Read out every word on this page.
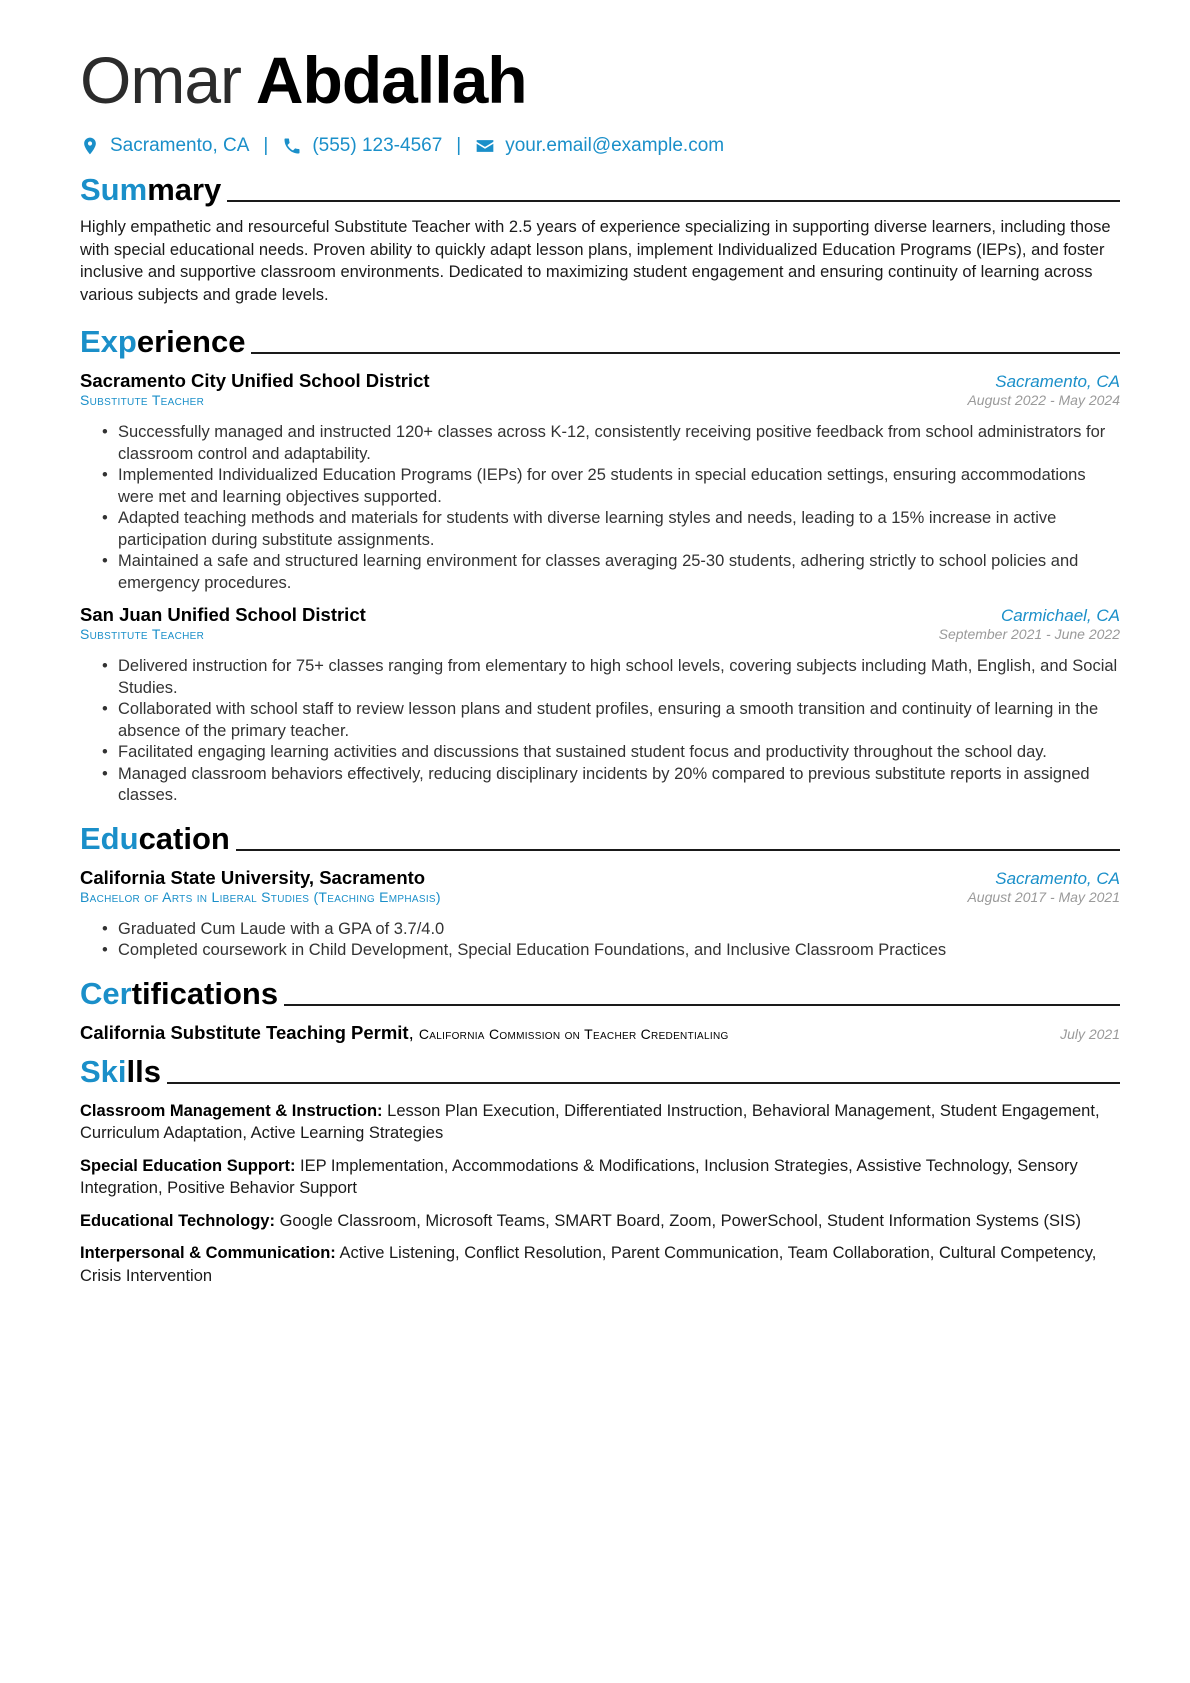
Omar Abdallah
Sacramento, CA | (555) 123-4567 | your.email@example.com
Summary

Highly empathetic and resourceful Substitute Teacher with 2.5 years of experience specializing in supporting diverse learners, including those with special educational needs. Proven ability to quickly adapt lesson plans, implement Individualized Education Programs (IEPs), and foster inclusive and supportive classroom environments. Dedicated to maximizing student engagement and ensuring continuity of learning across various subjects and grade levels.

Experience
Sacramento City Unified School District	Sacramento, CA
Substitute Teacher	August 2022 - May 2024
• Successfully managed and instructed 120+ classes across K-12, consistently receiving positive feedback from school administrators for classroom control and adaptability.
• Implemented Individualized Education Programs (IEPs) for over 25 students in special education settings, ensuring accommodations were met and learning objectives supported.
• Adapted teaching methods and materials for students with diverse learning styles and needs, leading to a 15% increase in active participation during substitute assignments.
• Maintained a safe and structured learning environment for classes averaging 25-30 students, adhering strictly to school policies and emergency procedures.
San Juan Unified School District	Carmichael, CA
Substitute Teacher	September 2021 - June 2022
• Delivered instruction for 75+ classes ranging from elementary to high school levels, covering subjects including Math, English, and Social Studies.
• Collaborated with school staff to review lesson plans and student profiles, ensuring a smooth transition and continuity of learning in the absence of the primary teacher.
• Facilitated engaging learning activities and discussions that sustained student focus and productivity throughout the school day.
• Managed classroom behaviors effectively, reducing disciplinary incidents by 20% compared to previous substitute reports in assigned classes.
Education
California State University, Sacramento	Sacramento, CA
Bachelor of Arts in Liberal Studies (Teaching Emphasis)	August 2017 - May 2021
• Graduated Cum Laude with a GPA of 3.7/4.0
• Completed coursework in Child Development, Special Education Foundations, and Inclusive Classroom Practices
Certifications
California Substitute Teaching Permit, California Commission on Teacher Credentialing	July 2021
Skills

Classroom Management & Instruction: Lesson Plan Execution, Differentiated Instruction, Behavioral Management, Student Engagement, Curriculum Adaptation, Active Learning Strategies

Special Education Support: IEP Implementation, Accommodations & Modifications, Inclusion Strategies, Assistive Technology, Sensory Integration, Positive Behavior Support

Educational Technology: Google Classroom, Microsoft Teams, SMART Board, Zoom, PowerSchool, Student Information Systems (SIS)

Interpersonal & Communication: Active Listening, Conflict Resolution, Parent Communication, Team Collaboration, Cultural Competency, Crisis Intervention
